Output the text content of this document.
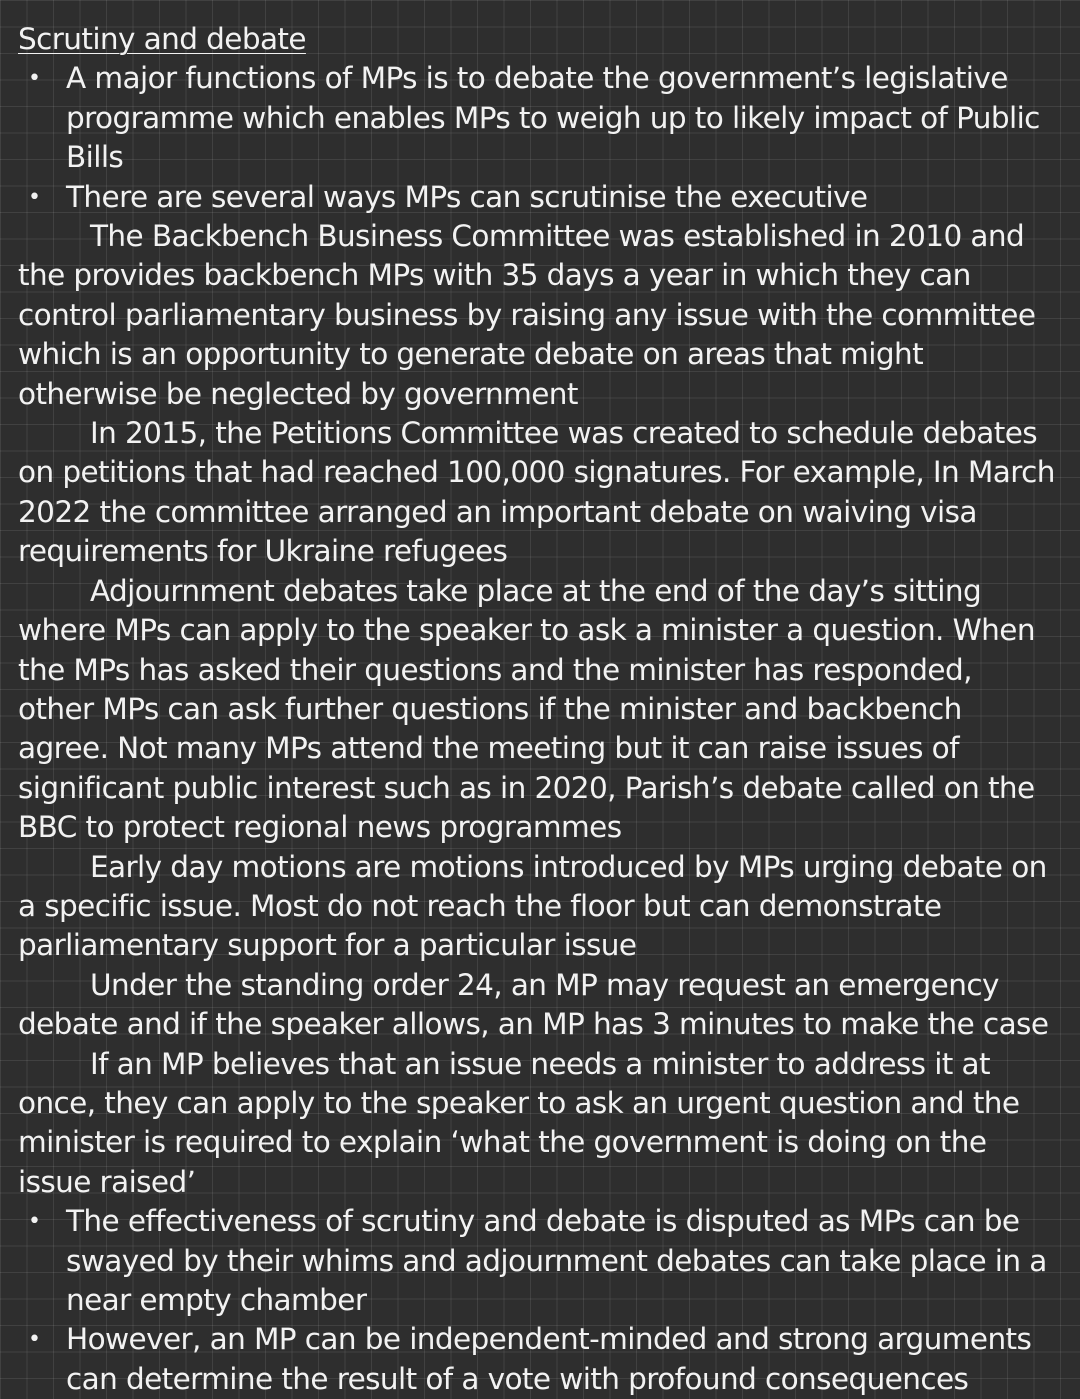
Scrutiny and debate
• A major functions of MPs is to debate the government’s legislative programme which enables MPs to weigh up to likely impact of Public Bills
• There are several ways MPs can scrutinise the executive

The Backbench Business Committee was established in 2010 and the provides backbench MPs with 35 days a year in which they can control parliamentary business by raising any issue with the committee which is an opportunity to generate debate on areas that might otherwise be neglected by government

In 2015, the Petitions Committee was created to schedule debates on petitions that had reached 100,000 signatures. For example, In March 2022 the committee arranged an important debate on waiving visa requirements for Ukraine refugees

Adjournment debates take place at the end of the day’s sitting where MPs can apply to the speaker to ask a minister a question. When the MPs has asked their questions and the minister has responded, other MPs can ask further questions if the minister and backbench agree. Not many MPs attend the meeting but it can raise issues of significant public interest such as in 2020, Parish’s debate called on the BBC to protect regional news programmes

Early day motions are motions introduced by MPs urging debate on a specific issue. Most do not reach the floor but can demonstrate parliamentary support for a particular issue

Under the standing order 24, an MP may request an emergency debate and if the speaker allows, an MP has 3 minutes to make the case

If an MP believes that an issue needs a minister to address it at once, they can apply to the speaker to ask an urgent question and the minister is required to explain ‘what the government is doing on the issue raised’

• The effectiveness of scrutiny and debate is disputed as MPs can be swayed by their whims and adjournment debates can take place in a near empty chamber
• However, an MP can be independent-minded and strong arguments can determine the result of a vote with profound consequences
